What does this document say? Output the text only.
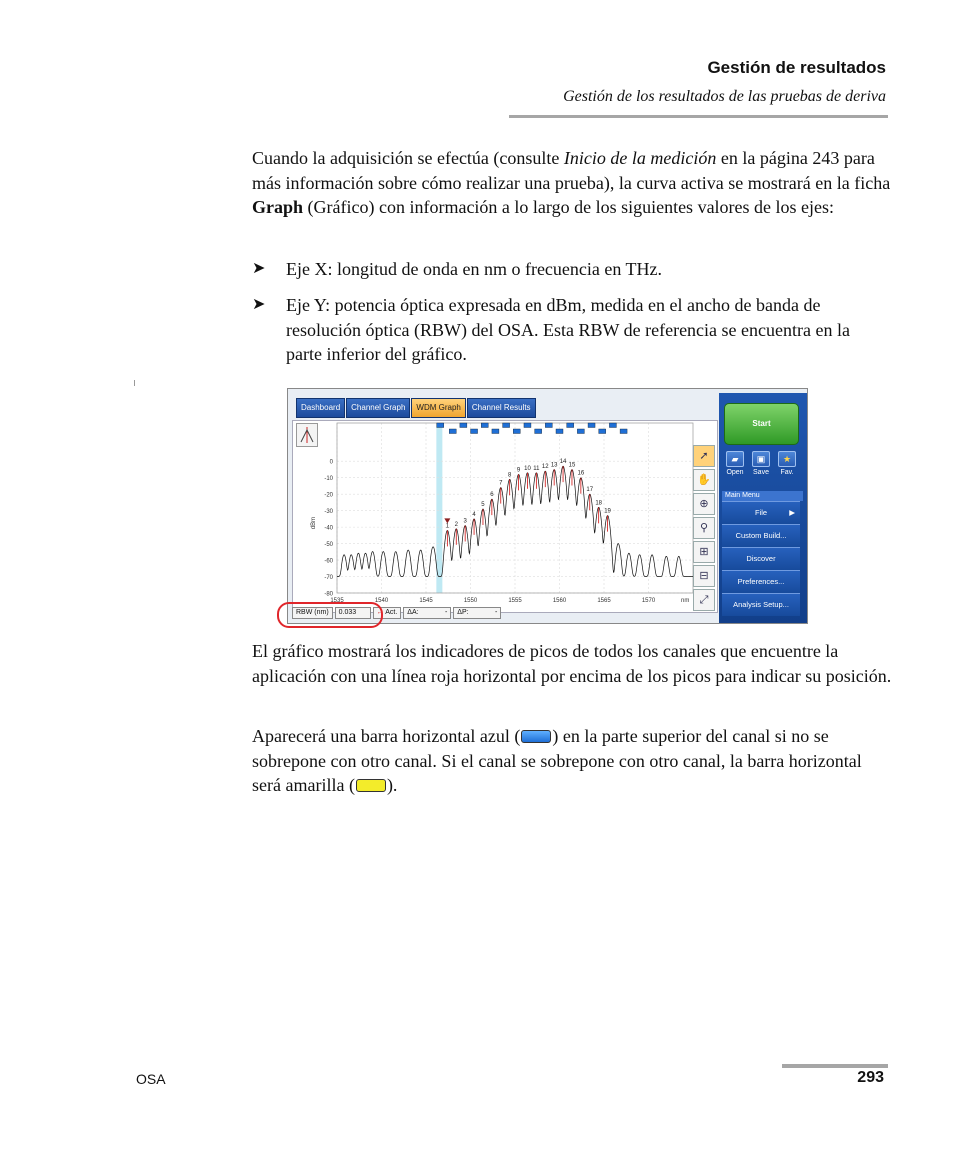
Gestión de resultados
Gestión de los resultados de las pruebas de deriva
Cuando la adquisición se efectúa (consulte Inicio de la medición en la página 243 para más información sobre cómo realizar una prueba), la curva activa se mostrará en la ficha Graph (Gráfico) con información a lo largo de los siguientes valores de los ejes:
➤ Eje X: longitud de onda en nm o frecuencia en THz.
➤ Eje Y: potencia óptica expresada en dBm, medida en el ancho de banda de resolución óptica (RBW) del OSA. Esta RBW de referencia se encuentra en la parte inferior del gráfico.
Dashboard	Channel Graph	WDM Graph	Channel Results
0
-10
-20
-30
-40
-50
-60
-70
-80
1535	1540	1545	1550	1555	1560	1565	1570	nm
dBm	1 2
3
4
5
6
7
8
9 10 11 12 13
14
15
16
17
18
19
➚
✋
⊕
⚲
⊞
⊟
⤢
Start
▰
Open
▣
Save
★
Fav.
Main Menu
File	▶
Custom Build...
Discover
Preferences...
Analysis Setup...
RBW (nm)	0.033	↔ Act.	ΔA:	-	ΔP:	-
El gráfico mostrará los indicadores de picos de todos los canales que encuentre la aplicación con una línea roja horizontal por encima de los picos para indicar su posición.
Aparecerá una barra horizontal azul ( ) en la parte superior del canal si no se sobrepone con otro canal. Si el canal se sobrepone con otro canal, la barra horizontal será amarilla ( ).
OSA	293
